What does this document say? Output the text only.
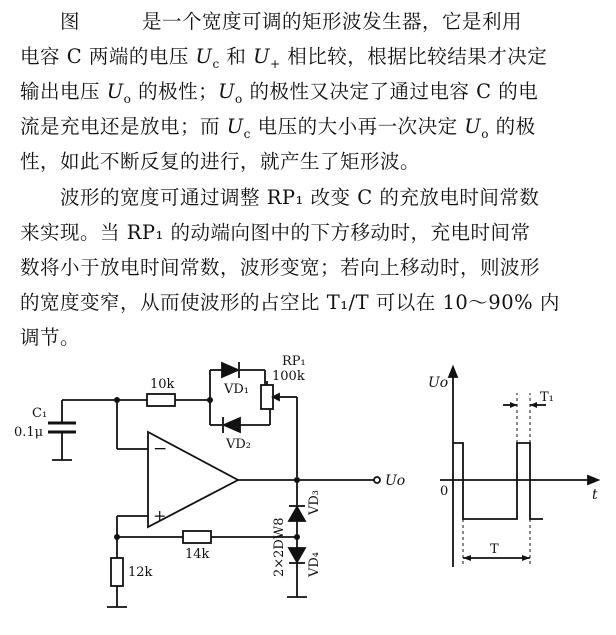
图	是一个宽度可调的矩形波发生器，它是利用
电容 C 两端的电压 $U_c$ 和 $U_+$ 相比较，根据比较结果才决定
输出电压 $U_o$ 的极性；$U_o$ 的极性又决定了通过电容 C 的电
流是充电还是放电；而 $U_c$ 电压的大小再一次决定 $U_o$ 的极
性，如此不断反复的进行，就产生了矩形波。
波形的宽度可通过调整 RP₁ 改变 C 的充放电时间常数
来实现。当 RP₁ 的动端向图中的下方移动时，充电时间常
数将小于放电时间常数，波形变宽；若向上移动时，则波形
的宽度变窄，从而使波形的占空比 T₁/T 可以在 10～90% 内
调节。
C₁
0.1μ
10k	VD₁
VD₂
RP₁
100k
−
+
14k
12k	2×2DW8
VD₃
VD₄
Uo
Uo
t
0
T₁
T
